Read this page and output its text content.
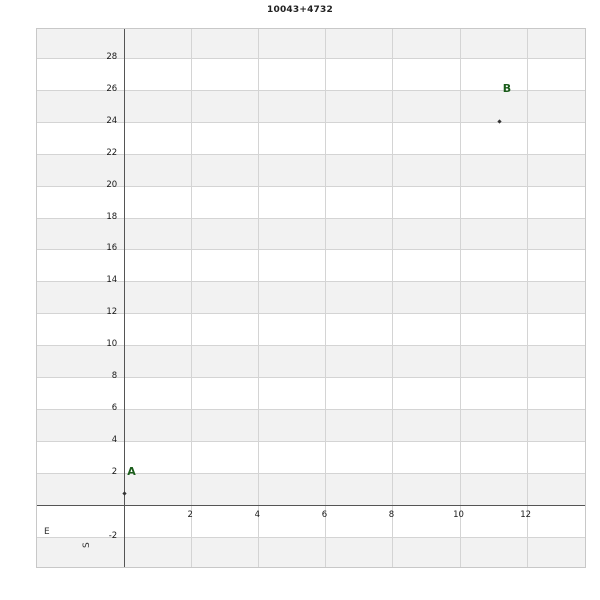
10043+4732
A
B
-2
2
4
6
8
10
12
14
16
18
20
22
24
26
28
2	4	6	8	10	12
E
S
